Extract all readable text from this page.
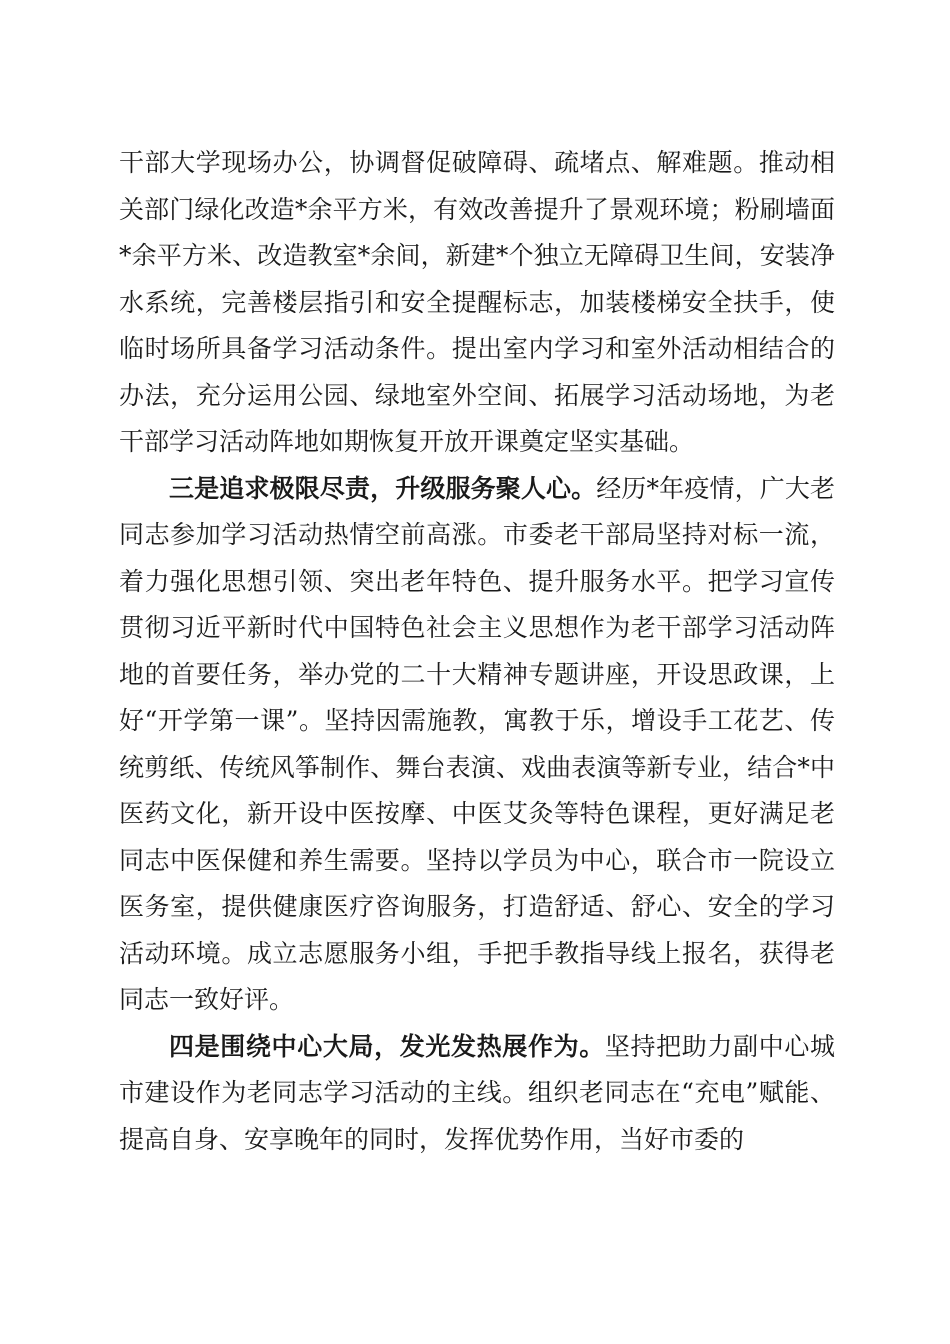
干部大学现场办公，协调督促破障碍、疏堵点、解难题。推动相关部门绿化改造*余平方米，有效改善提升了景观环境；粉刷墙面*余平方米、改造教室*余间，新建*个独立无障碍卫生间，安装净水系统，完善楼层指引和安全提醒标志，加装楼梯安全扶手，使临时场所具备学习活动条件。提出室内学习和室外活动相结合的办法，充分运用公园、绿地室外空间、拓展学习活动场地，为老干部学习活动阵地如期恢复开放开课奠定坚实基础。

三是追求极限尽责，升级服务聚人心。经历*年疫情，广大老同志参加学习活动热情空前高涨。市委老干部局坚持对标一流，着力强化思想引领、突出老年特色、提升服务水平。把学习宣传贯彻习近平新时代中国特色社会主义思想作为老干部学习活动阵地的首要任务，举办党的二十大精神专题讲座，开设思政课，上好“开学第一课”。坚持因需施教，寓教于乐，增设手工花艺、传统剪纸、传统风筝制作、舞台表演、戏曲表演等新专业，结合*中医药文化，新开设中医按摩、中医艾灸等特色课程，更好满足老同志中医保健和养生需要。坚持以学员为中心，联合市一院设立医务室，提供健康医疗咨询服务，打造舒适、舒心、安全的学习活动环境。成立志愿服务小组，手把手教指导线上报名，获得老同志一致好评。

四是围绕中心大局，发光发热展作为。坚持把助力副中心城市建设作为老同志学习活动的主线。组织老同志在“充电”赋能、提高自身、安享晚年的同时，发挥优势作用，当好市委的
